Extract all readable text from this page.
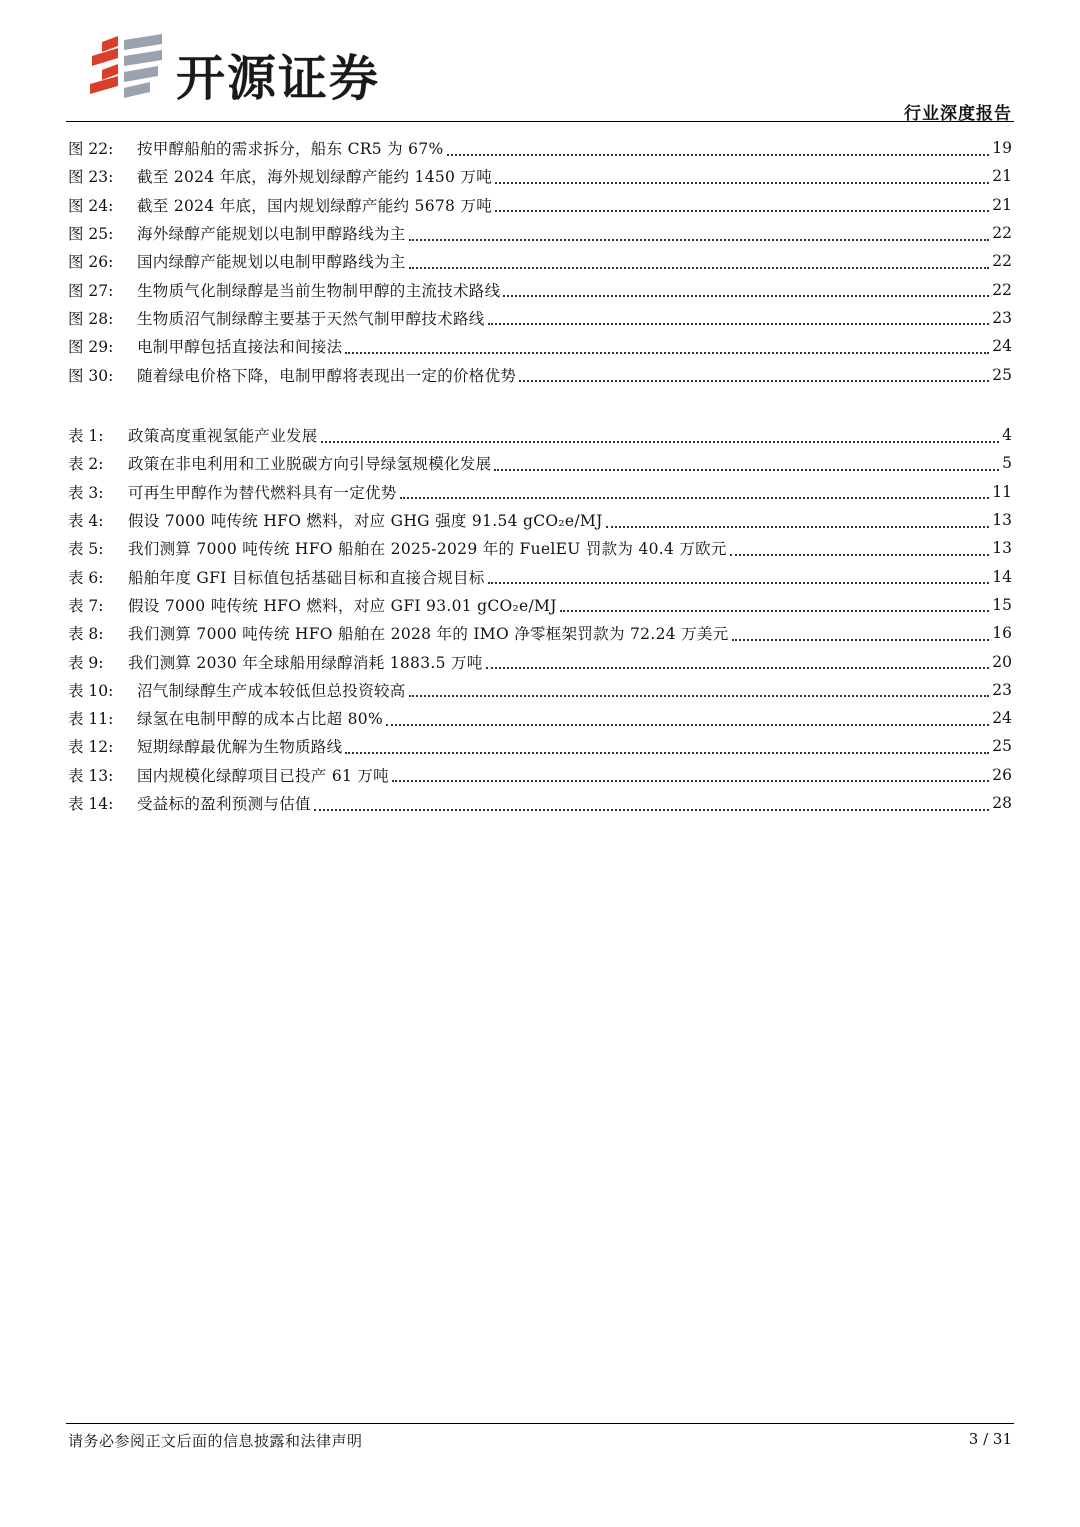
开源证券
行业深度报告
图 22:	按甲醇船舶的需求拆分，船东 CR5 为 67%	19
图 23:	截至 2024 年底，海外规划绿醇产能约 1450 万吨	21
图 24:	截至 2024 年底，国内规划绿醇产能约 5678 万吨	21
图 25:	海外绿醇产能规划以电制甲醇路线为主	22
图 26:	国内绿醇产能规划以电制甲醇路线为主	22
图 27:	生物质气化制绿醇是当前生物制甲醇的主流技术路线	22
图 28:	生物质沼气制绿醇主要基于天然气制甲醇技术路线	23
图 29:	电制甲醇包括直接法和间接法	24
图 30:	随着绿电价格下降，电制甲醇将表现出一定的价格优势	25
表 1:	政策高度重视氢能产业发展	4
表 2:	政策在非电利用和工业脱碳方向引导绿氢规模化发展	5
表 3:	可再生甲醇作为替代燃料具有一定优势	11
表 4:	假设 7000 吨传统 HFO 燃料，对应 GHG 强度 91.54 gCO₂e/MJ	13
表 5:	我们测算 7000 吨传统 HFO 船舶在 2025-2029 年的 FuelEU 罚款为 40.4 万欧元	13
表 6:	船舶年度 GFI 目标值包括基础目标和直接合规目标	14
表 7:	假设 7000 吨传统 HFO 燃料，对应 GFI 93.01 gCO₂e/MJ	15
表 8:	我们测算 7000 吨传统 HFO 船舶在 2028 年的 IMO 净零框架罚款为 72.24 万美元	16
表 9:	我们测算 2030 年全球船用绿醇消耗 1883.5 万吨	20
表 10:	沼气制绿醇生产成本较低但总投资较高	23
表 11:	绿氢在电制甲醇的成本占比超 80%	24
表 12:	短期绿醇最优解为生物质路线	25
表 13:	国内规模化绿醇项目已投产 61 万吨	26
表 14:	受益标的盈利预测与估值	28
请务必参阅正文后面的信息披露和法律声明	3 / 31
